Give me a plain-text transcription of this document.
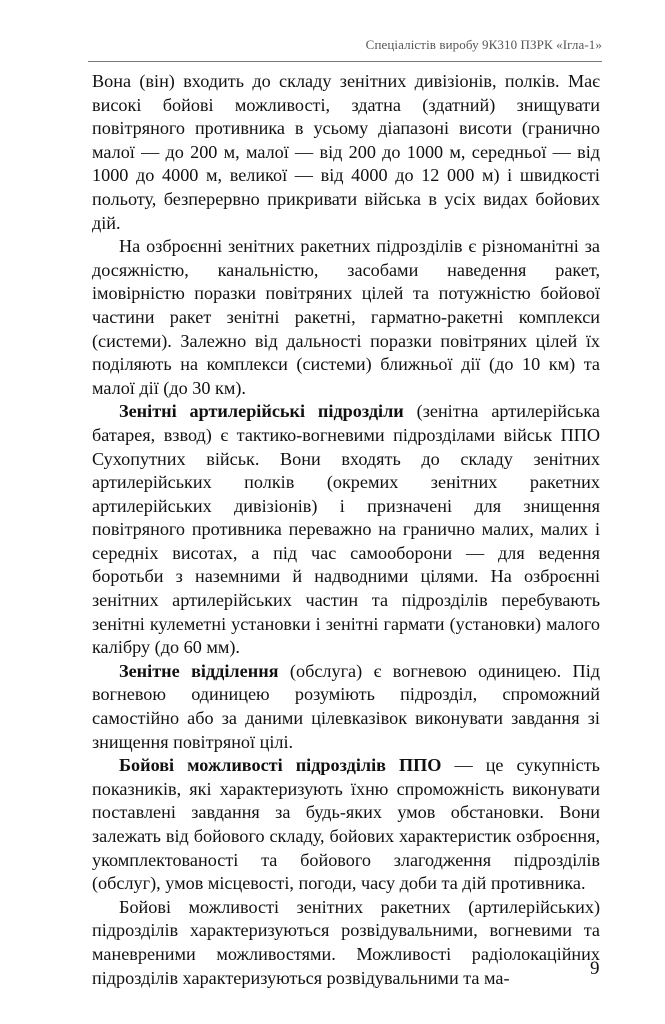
Спеціалістів виробу 9К310 ПЗРК «Ігла-1»

Вона (він) входить до складу зенітних дивізіонів, полків. Має високі бойові можливості, здатна (здатний) знищувати повітряного противника в усьому діапазоні висоти (гранично малої — до 200 м, малої — від 200 до 1000 м, середньої — від 1000 до 4000 м, великої — від 4000 до 12 000 м) і швидкості польоту, безперервно прикривати війська в усіх видах бойових дій.

На озброєнні зенітних ракетних підрозділів є різноманітні за досяжністю, канальністю, засобами наведення ракет, імовірністю поразки повітряних цілей та потужністю бойової частини ракет зенітні ракетні, гарматно-ракетні комплекси (системи). Залежно від дальності поразки повітряних цілей їх поділяють на комплекси (системи) ближньої дії (до 10 км) та малої дії (до 30 км).

Зенітні артилерійські підрозділи (зенітна артилерійська батарея, взвод) є тактико-вогневими підрозділами військ ППО Сухопутних військ. Вони входять до складу зенітних артилерійських полків (окремих зенітних ракетних артилерійських дивізіонів) і призначені для знищення повітряного противника переважно на гранично малих, малих і середніх висотах, а під час самооборони — для ведення боротьби з наземними й надводними цілями. На озброєнні зенітних артилерійських частин та підрозділів перебувають зенітні кулеметні установки і зенітні гармати (установки) малого калібру (до 60 мм).

Зенітне відділення (обслуга) є вогневою одиницею. Під вогневою одиницею розуміють підрозділ, спроможний самостійно або за даними цілевказівок виконувати завдання зі знищення повітряної цілі.

Бойові можливості підрозділів ППО — це сукупність показників, які характеризують їхню спроможність виконувати поставлені завдання за будь-яких умов обстановки. Вони залежать від бойового складу, бойових характеристик озброєння, укомплектованості та бойового злагодження підрозділів (обслуг), умов місцевості, погоди, часу доби та дій противника.

Бойові можливості зенітних ракетних (артилерійських) підрозділів характеризуються розвідувальними, вогневими та маневреними можливостями. Можливості радіолокаційних підрозділів характеризуються розвідувальними та ма-	9
